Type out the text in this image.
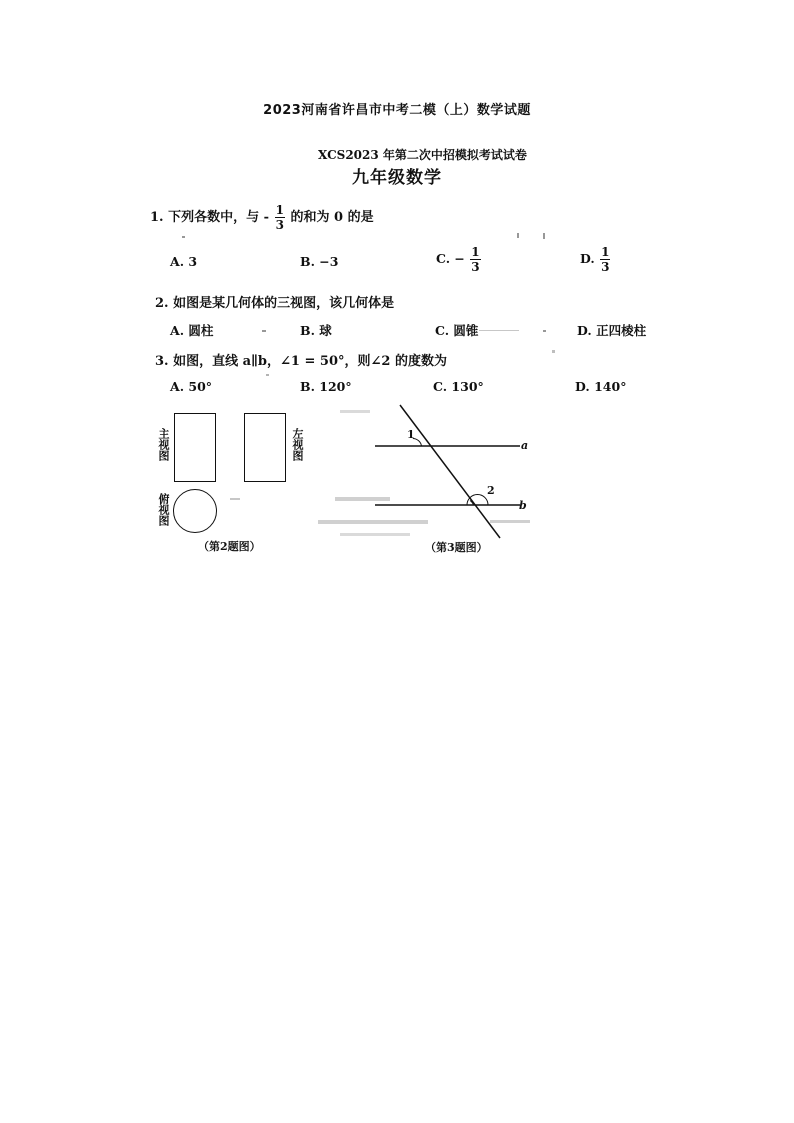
2023河南省许昌市中考二模（上）数学试题
XCS2023 年第二次中招模拟考试试卷
九年级数学
1. 下列各数中，与 - $\frac{1}{3}$ 的和为 0 的是
A. 3	B. −3	C. − $\frac{1}{3}$	D. $\frac{1}{3}$
2. 如图是某几何体的三视图，该几何体是
A. 圆柱	B. 球	C. 圆锥	D. 正四棱柱
3. 如图，直线 a∥b，∠1 = 50°，则∠2 的度数为
A. 50°	B. 120°	C. 130°	D. 140°
主视图	左视图
俯视图
（第2题图）
1
2
a
b
（第3题图）
